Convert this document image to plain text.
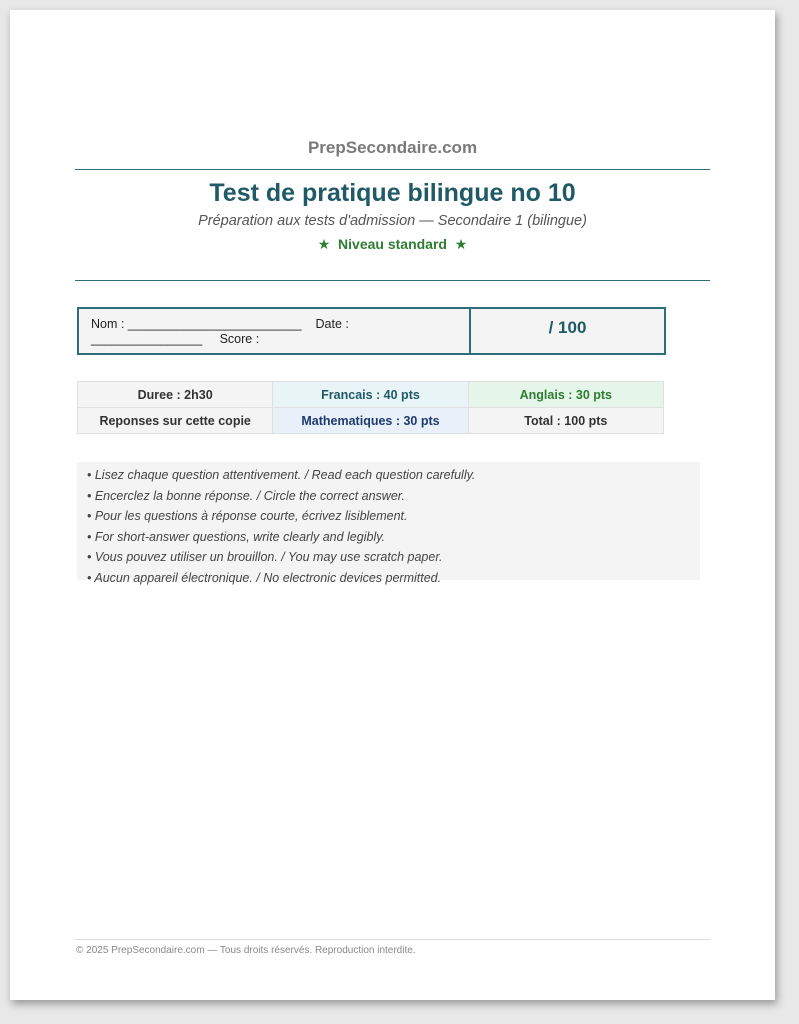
PrepSecondaire.com
Test de pratique bilingue no 10
Préparation aux tests d'admission — Secondaire 1 (bilingue)
★ Niveau standard ★
Nom : _________________________    Date :
________________     Score :
/ 100
Duree : 2h30	Francais : 40 pts	Anglais : 30 pts
Reponses sur cette copie	Mathematiques : 30 pts	Total : 100 pts
• Lisez chaque question attentivement. / Read each question carefully.
• Encerclez la bonne réponse. / Circle the correct answer.
• Pour les questions à réponse courte, écrivez lisiblement.
• For short-answer questions, write clearly and legibly.
• Vous pouvez utiliser un brouillon. / You may use scratch paper.
• Aucun appareil électronique. / No electronic devices permitted.
© 2025 PrepSecondaire.com — Tous droits réservés. Reproduction interdite.
